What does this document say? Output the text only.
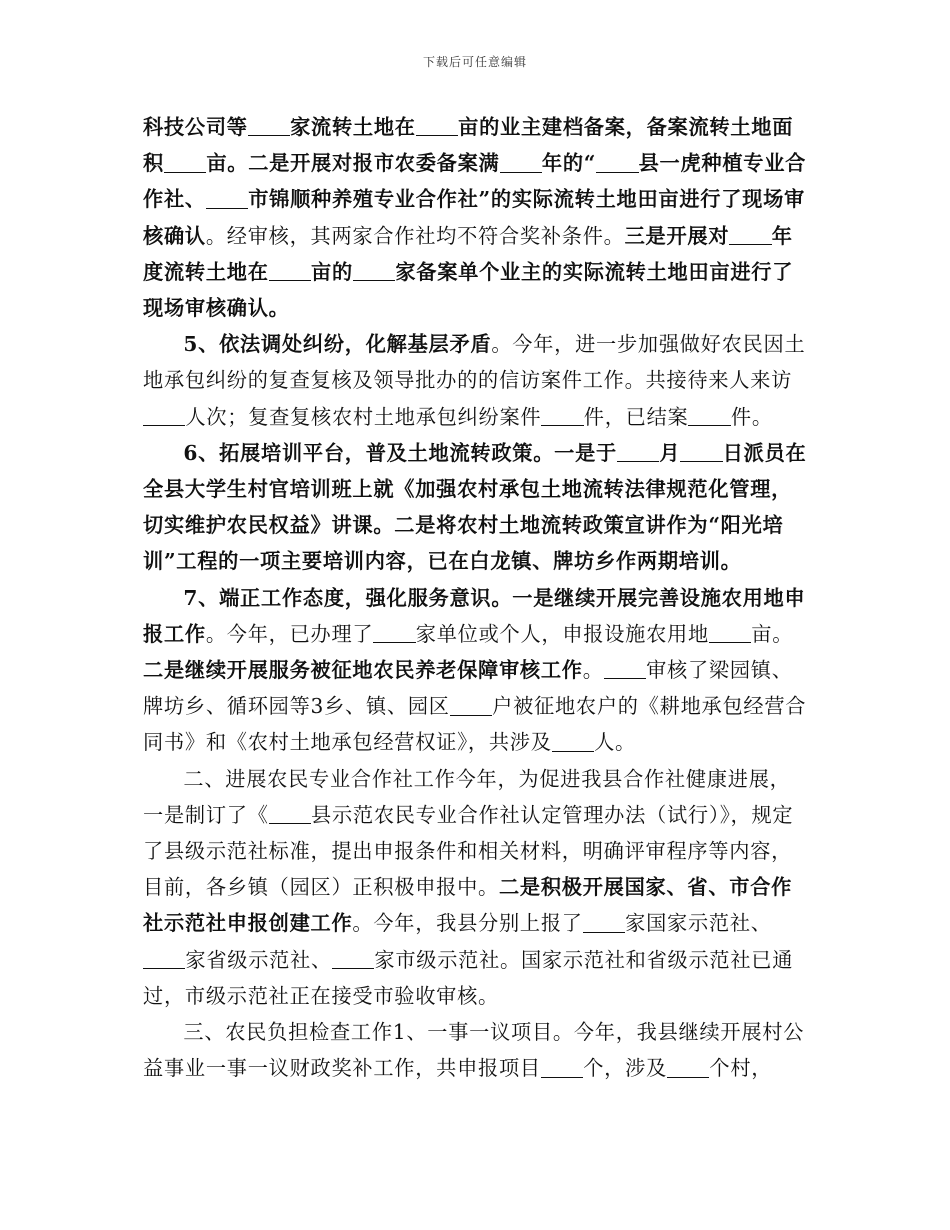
下载后可任意编辑

科技公司等 家流转土地在 亩的业主建档备案，备案流转土地面积 亩。二是开展对报市农委备案满 年的“ 县一虎种植专业合作社、 市锦顺种养殖专业合作社”的实际流转土地田亩进行了现场审核确认。经审核，其两家合作社均不符合奖补条件。三是开展对 年度流转土地在 亩的 家备案单个业主的实际流转土地田亩进行了现场审核确认。

5、依法调处纠纷，化解基层矛盾。今年，进一步加强做好农民因土地承包纠纷的复查复核及领导批办的的信访案件工作。共接待来人来访人次；复查复核农村土地承包纠纷案件 件，已结案 件。

6、拓展培训平台，普及土地流转政策。一是于 月 日派员在全县大学生村官培训班上就《加强农村承包土地流转法律规范化管理，切实维护农民权益》讲课。二是将农村土地流转政策宣讲作为“阳光培训”工程的一项主要培训内容，已在白龙镇、牌坊乡作两期培训。

7、端正工作态度，强化服务意识。一是继续开展完善设施农用地申报工作。今年，已办理了 家单位或个人，申报设施农用地 亩。二是继续开展服务被征地农民养老保障审核工作。 审核了梁园镇、牌坊乡、循环园等3乡、镇、园区 户被征地农户的《耕地承包经营合同书》和《农村土地承包经营权证》，共涉及 人。

二、进展农民专业合作社工作今年，为促进我县合作社健康进展，一是制订了《 县示范农民专业合作社认定管理办法（试行）》，规定了县级示范社标准，提出申报条件和相关材料，明确评审程序等内容，目前，各乡镇（园区）正积极申报中。二是积极开展国家、省、市合作社示范社申报创建工作。今年，我县分别上报了 家国家示范社、家省级示范社、 家市级示范社。国家示范社和省级示范社已通过，市级示范社正在接受市验收审核。

三、农民负担检查工作1、一事一议项目。今年，我县继续开展村公益事业一事一议财政奖补工作，共申报项目 个，涉及 个村，
